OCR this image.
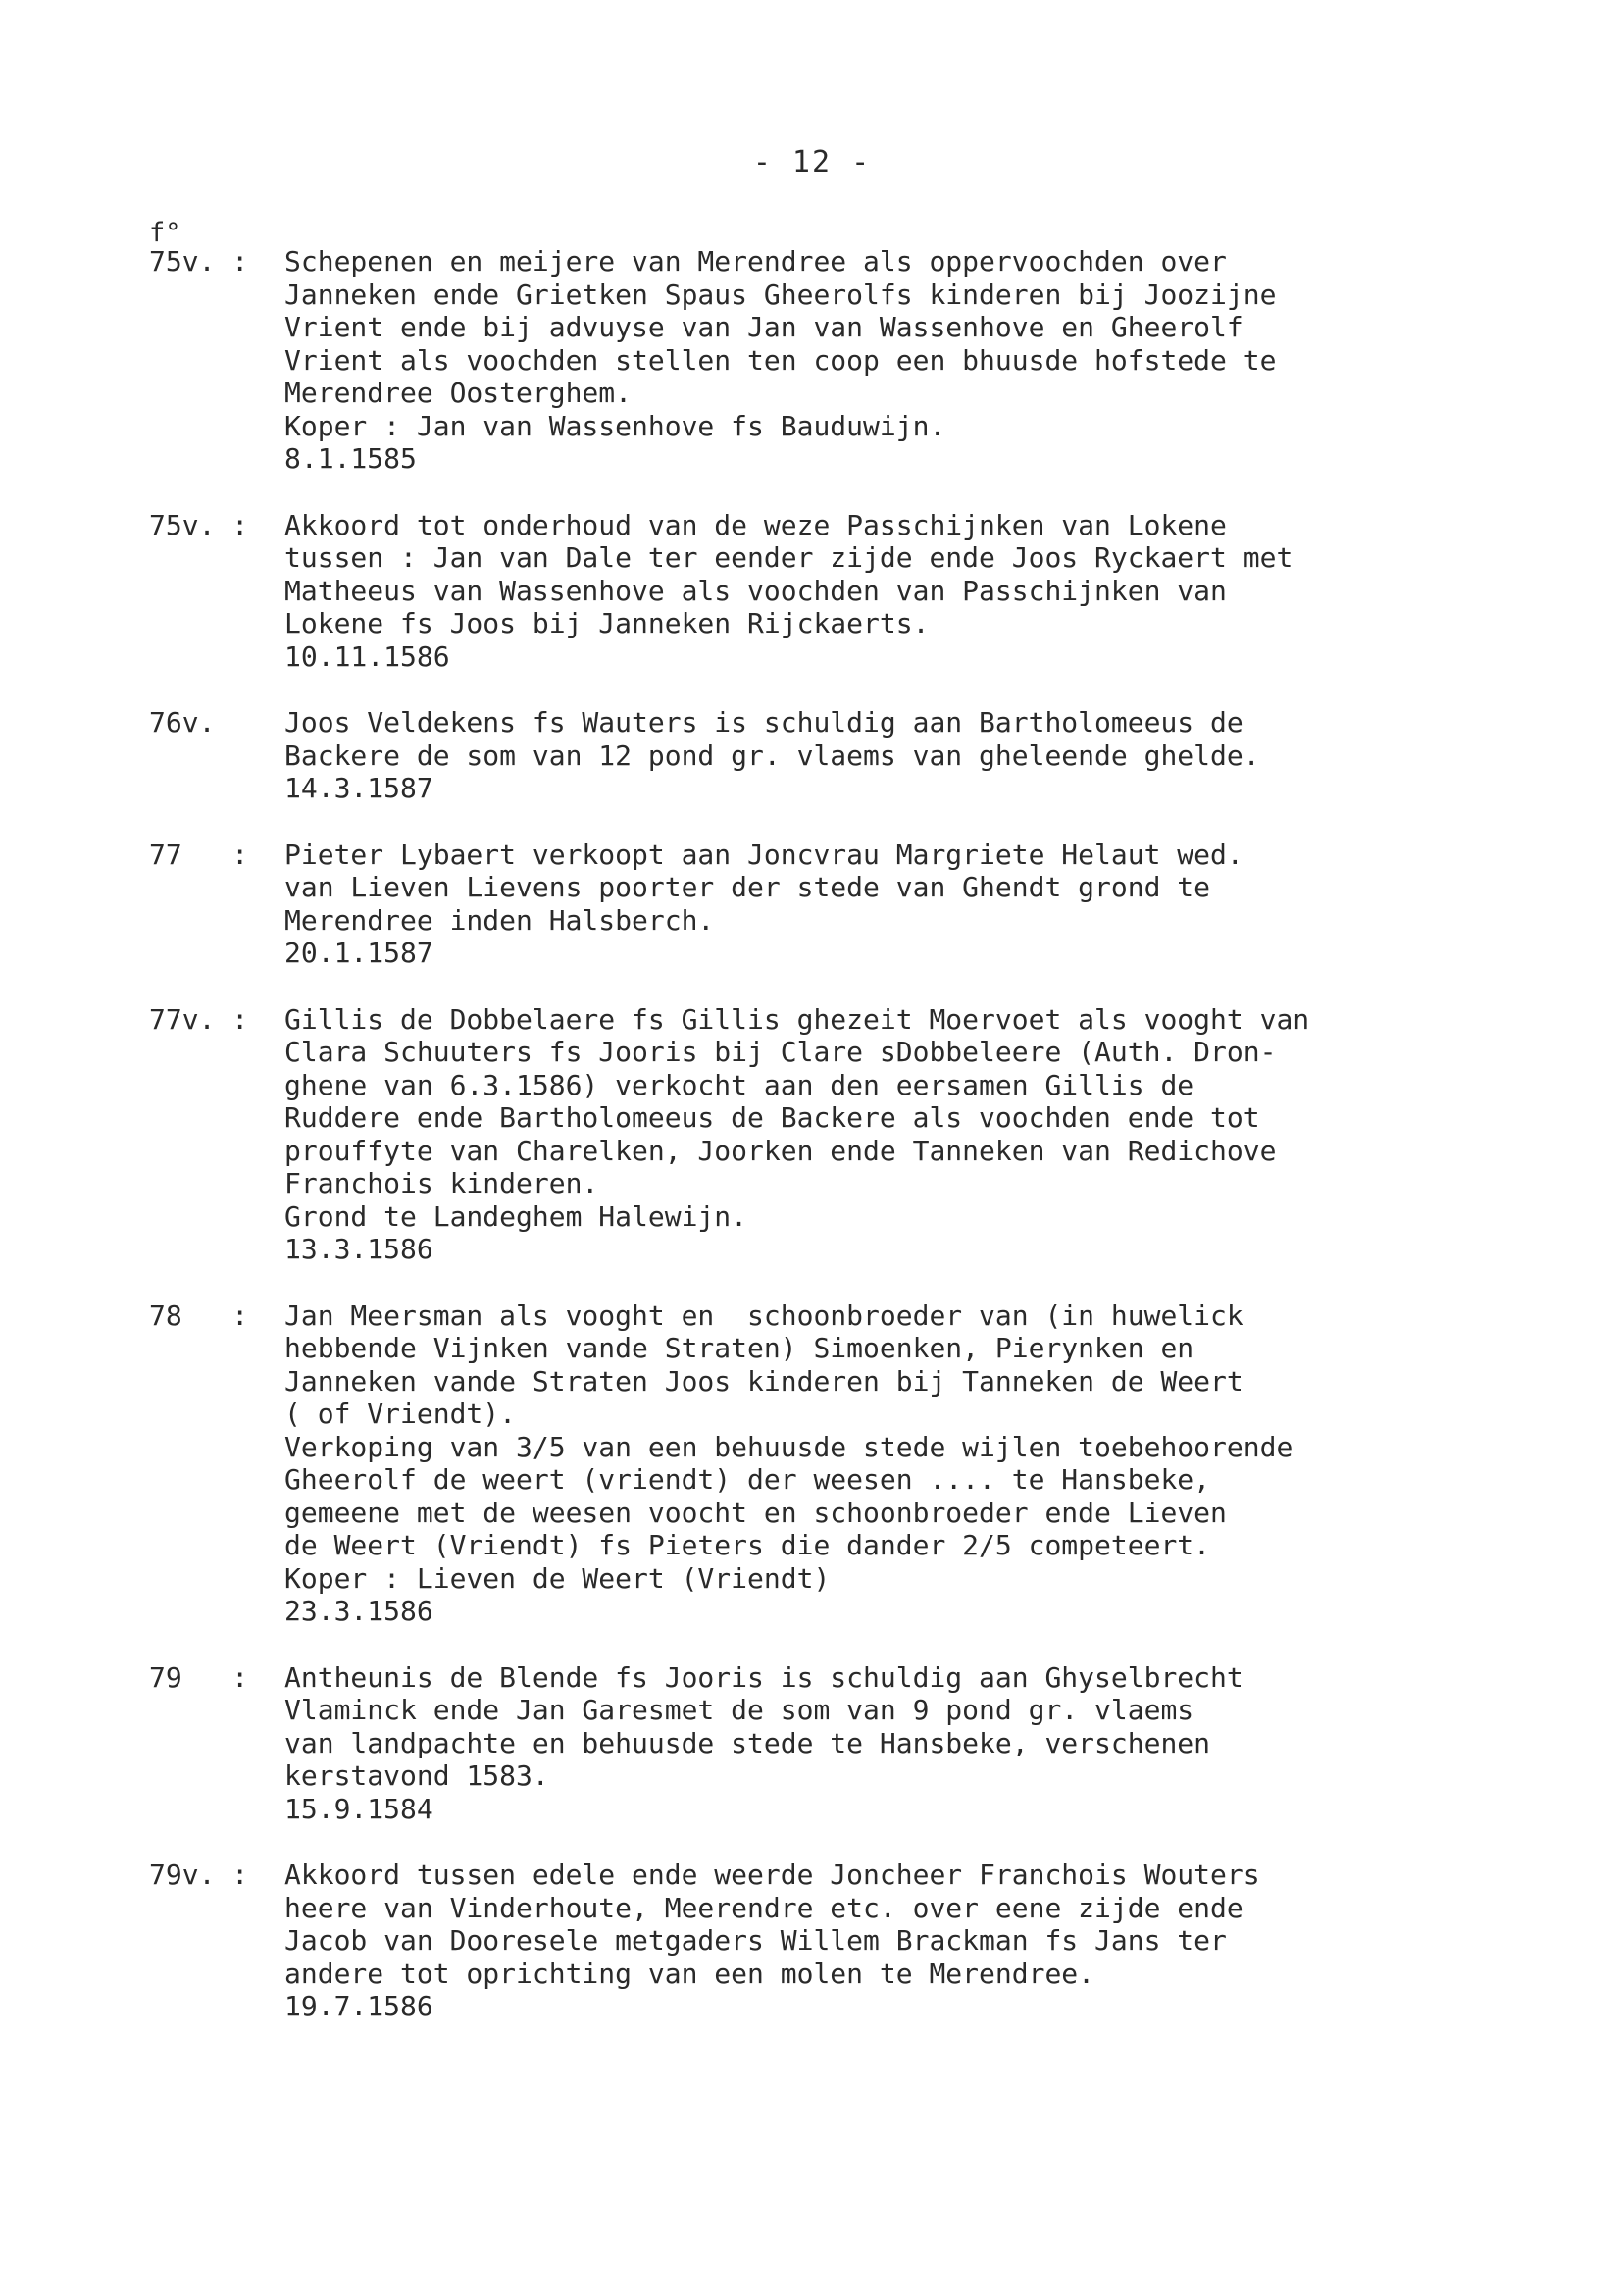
- 12 -
f°
75v. : Schepenen en meijere van Merendree als oppervoochden over
Janneken ende Grietken Spaus Gheerolfs kinderen bij Joozijne
Vrient ende bij advuyse van Jan van Wassenhove en Gheerolf
Vrient als voochden stellen ten coop een bhuusde hofstede te
Merendree Oosterghem.
Koper : Jan van Wassenhove fs Bauduwijn.
8.1.1585
75v. : Akkoord tot onderhoud van de weze Passchijnken van Lokene
tussen : Jan van Dale ter eender zijde ende Joos Ryckaert met
Matheeus van Wassenhove als voochden van Passchijnken van
Lokene fs Joos bij Janneken Rijckaerts.
10.11.1586
76v. Joos Veldekens fs Wauters is schuldig aan Bartholomeeus de
Backere de som van 12 pond gr. vlaems van gheleende ghelde.
14.3.1587
77   : Pieter Lybaert verkoopt aan Joncvrau Margriete Helaut wed.
van Lieven Lievens poorter der stede van Ghendt grond te
Merendree inden Halsberch.
20.1.1587
77v. : Gillis de Dobbelaere fs Gillis ghezeit Moervoet als vooght van
Clara Schuuters fs Jooris bij Clare sDobbeleere (Auth. Dron-
ghene van 6.3.1586) verkocht aan den eersamen Gillis de
Ruddere ende Bartholomeeus de Backere als voochden ende tot
prouffyte van Charelken, Joorken ende Tanneken van Redichove
Franchois kinderen.
Grond te Landeghem Halewijn.
13.3.1586
78   : Jan Meersman als vooght en  schoonbroeder van (in huwelick
hebbende Vijnken vande Straten) Simoenken, Pierynken en
Janneken vande Straten Joos kinderen bij Tanneken de Weert
( of Vriendt).
Verkoping van 3/5 van een behuusde stede wijlen toebehoorende
Gheerolf de weert (vriendt) der weesen .... te Hansbeke,
gemeene met de weesen voocht en schoonbroeder ende Lieven
de Weert (Vriendt) fs Pieters die dander 2/5 competeert.
Koper : Lieven de Weert (Vriendt)
23.3.1586
79   : Antheunis de Blende fs Jooris is schuldig aan Ghyselbrecht
Vlaminck ende Jan Garesmet de som van 9 pond gr. vlaems
van landpachte en behuusde stede te Hansbeke, verschenen
kerstavond 1583.
15.9.1584
79v. : Akkoord tussen edele ende weerde Joncheer Franchois Wouters
heere van Vinderhoute, Meerendre etc. over eene zijde ende
Jacob van Dooresele metgaders Willem Brackman fs Jans ter
andere tot oprichting van een molen te Merendree.
19.7.1586
